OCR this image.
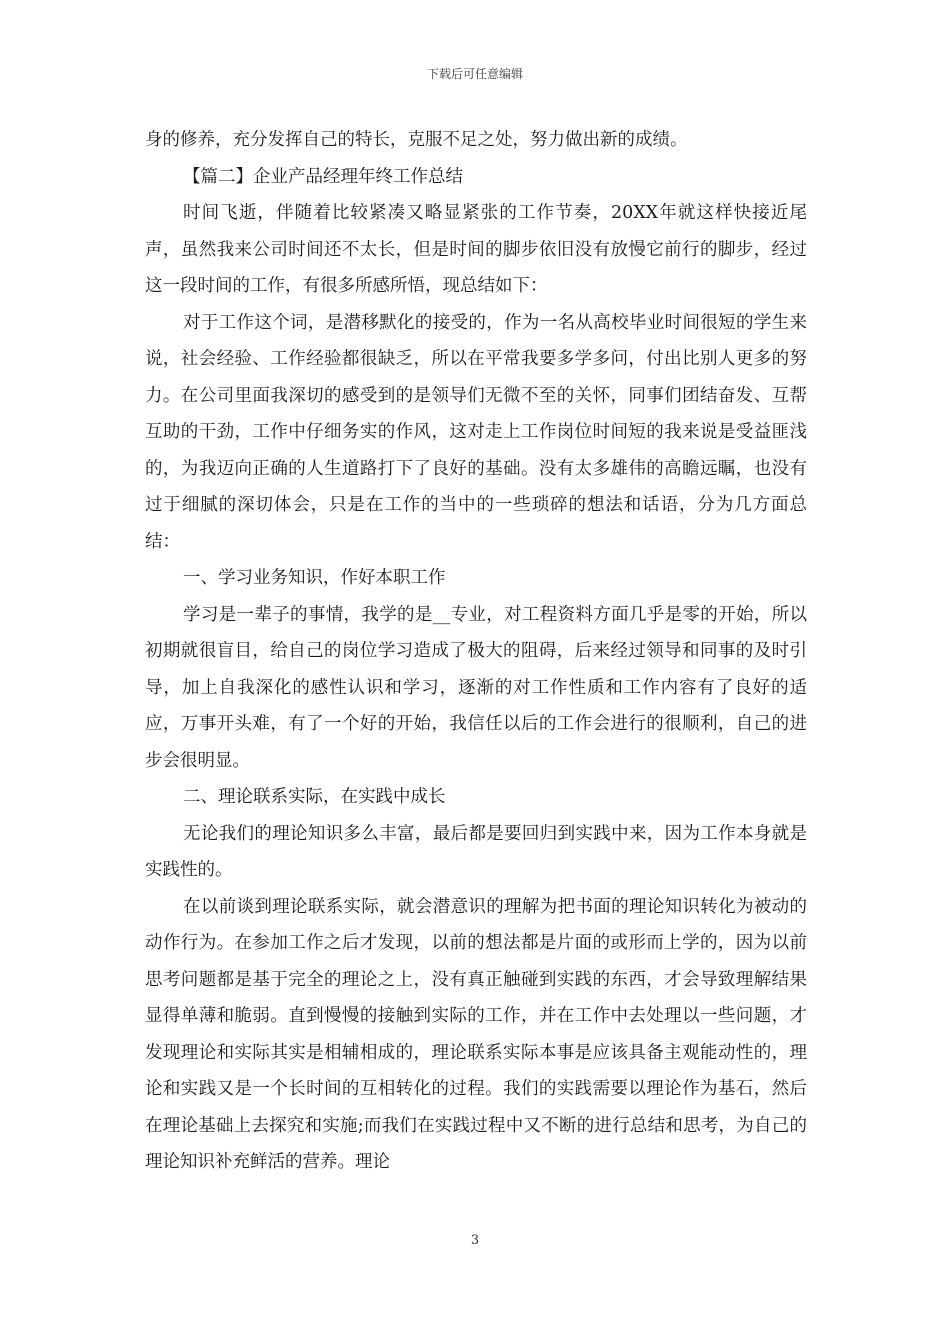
下载后可任意编辑

身的修养，充分发挥自己的特长，克服不足之处，努力做出新的成绩。

【篇二】企业产品经理年终工作总结

时间飞逝，伴随着比较紧凑又略显紧张的工作节奏，20XX年就这样快接近尾声，虽然我来公司时间还不太长，但是时间的脚步依旧没有放慢它前行的脚步，经过这一段时间的工作，有很多所感所悟，现总结如下：

对于工作这个词，是潜移默化的接受的，作为一名从高校毕业时间很短的学生来说，社会经验、工作经验都很缺乏，所以在平常我要多学多问，付出比别人更多的努力。在公司里面我深切的感受到的是领导们无微不至的关怀，同事们团结奋发、互帮互助的干劲，工作中仔细务实的作风，这对走上工作岗位时间短的我来说是受益匪浅的，为我迈向正确的人生道路打下了良好的基础。没有太多雄伟的高瞻远瞩，也没有过于细腻的深切体会，只是在工作的当中的一些琐碎的想法和话语，分为几方面总结：

一、学习业务知识，作好本职工作

学习是一辈子的事情，我学的是__专业，对工程资料方面几乎是零的开始，所以初期就很盲目，给自己的岗位学习造成了极大的阻碍，后来经过领导和同事的及时引导，加上自我深化的感性认识和学习，逐渐的对工作性质和工作内容有了良好的适应，万事开头难，有了一个好的开始，我信任以后的工作会进行的很顺利，自己的进步会很明显。

二、理论联系实际，在实践中成长

无论我们的理论知识多么丰富，最后都是要回归到实践中来，因为工作本身就是实践性的。

在以前谈到理论联系实际，就会潜意识的理解为把书面的理论知识转化为被动的动作行为。在参加工作之后才发现，以前的想法都是片面的或形而上学的，因为以前思考问题都是基于完全的理论之上，没有真正触碰到实践的东西，才会导致理解结果显得单薄和脆弱。直到慢慢的接触到实际的工作，并在工作中去处理以一些问题，才发现理论和实际其实是相辅相成的，理论联系实际本事是应该具备主观能动性的，理论和实践又是一个长时间的互相转化的过程。我们的实践需要以理论作为基石，然后在理论基础上去探究和实施;而我们在实践过程中又不断的进行总结和思考，为自己的理论知识补充鲜活的营养。理论

3
